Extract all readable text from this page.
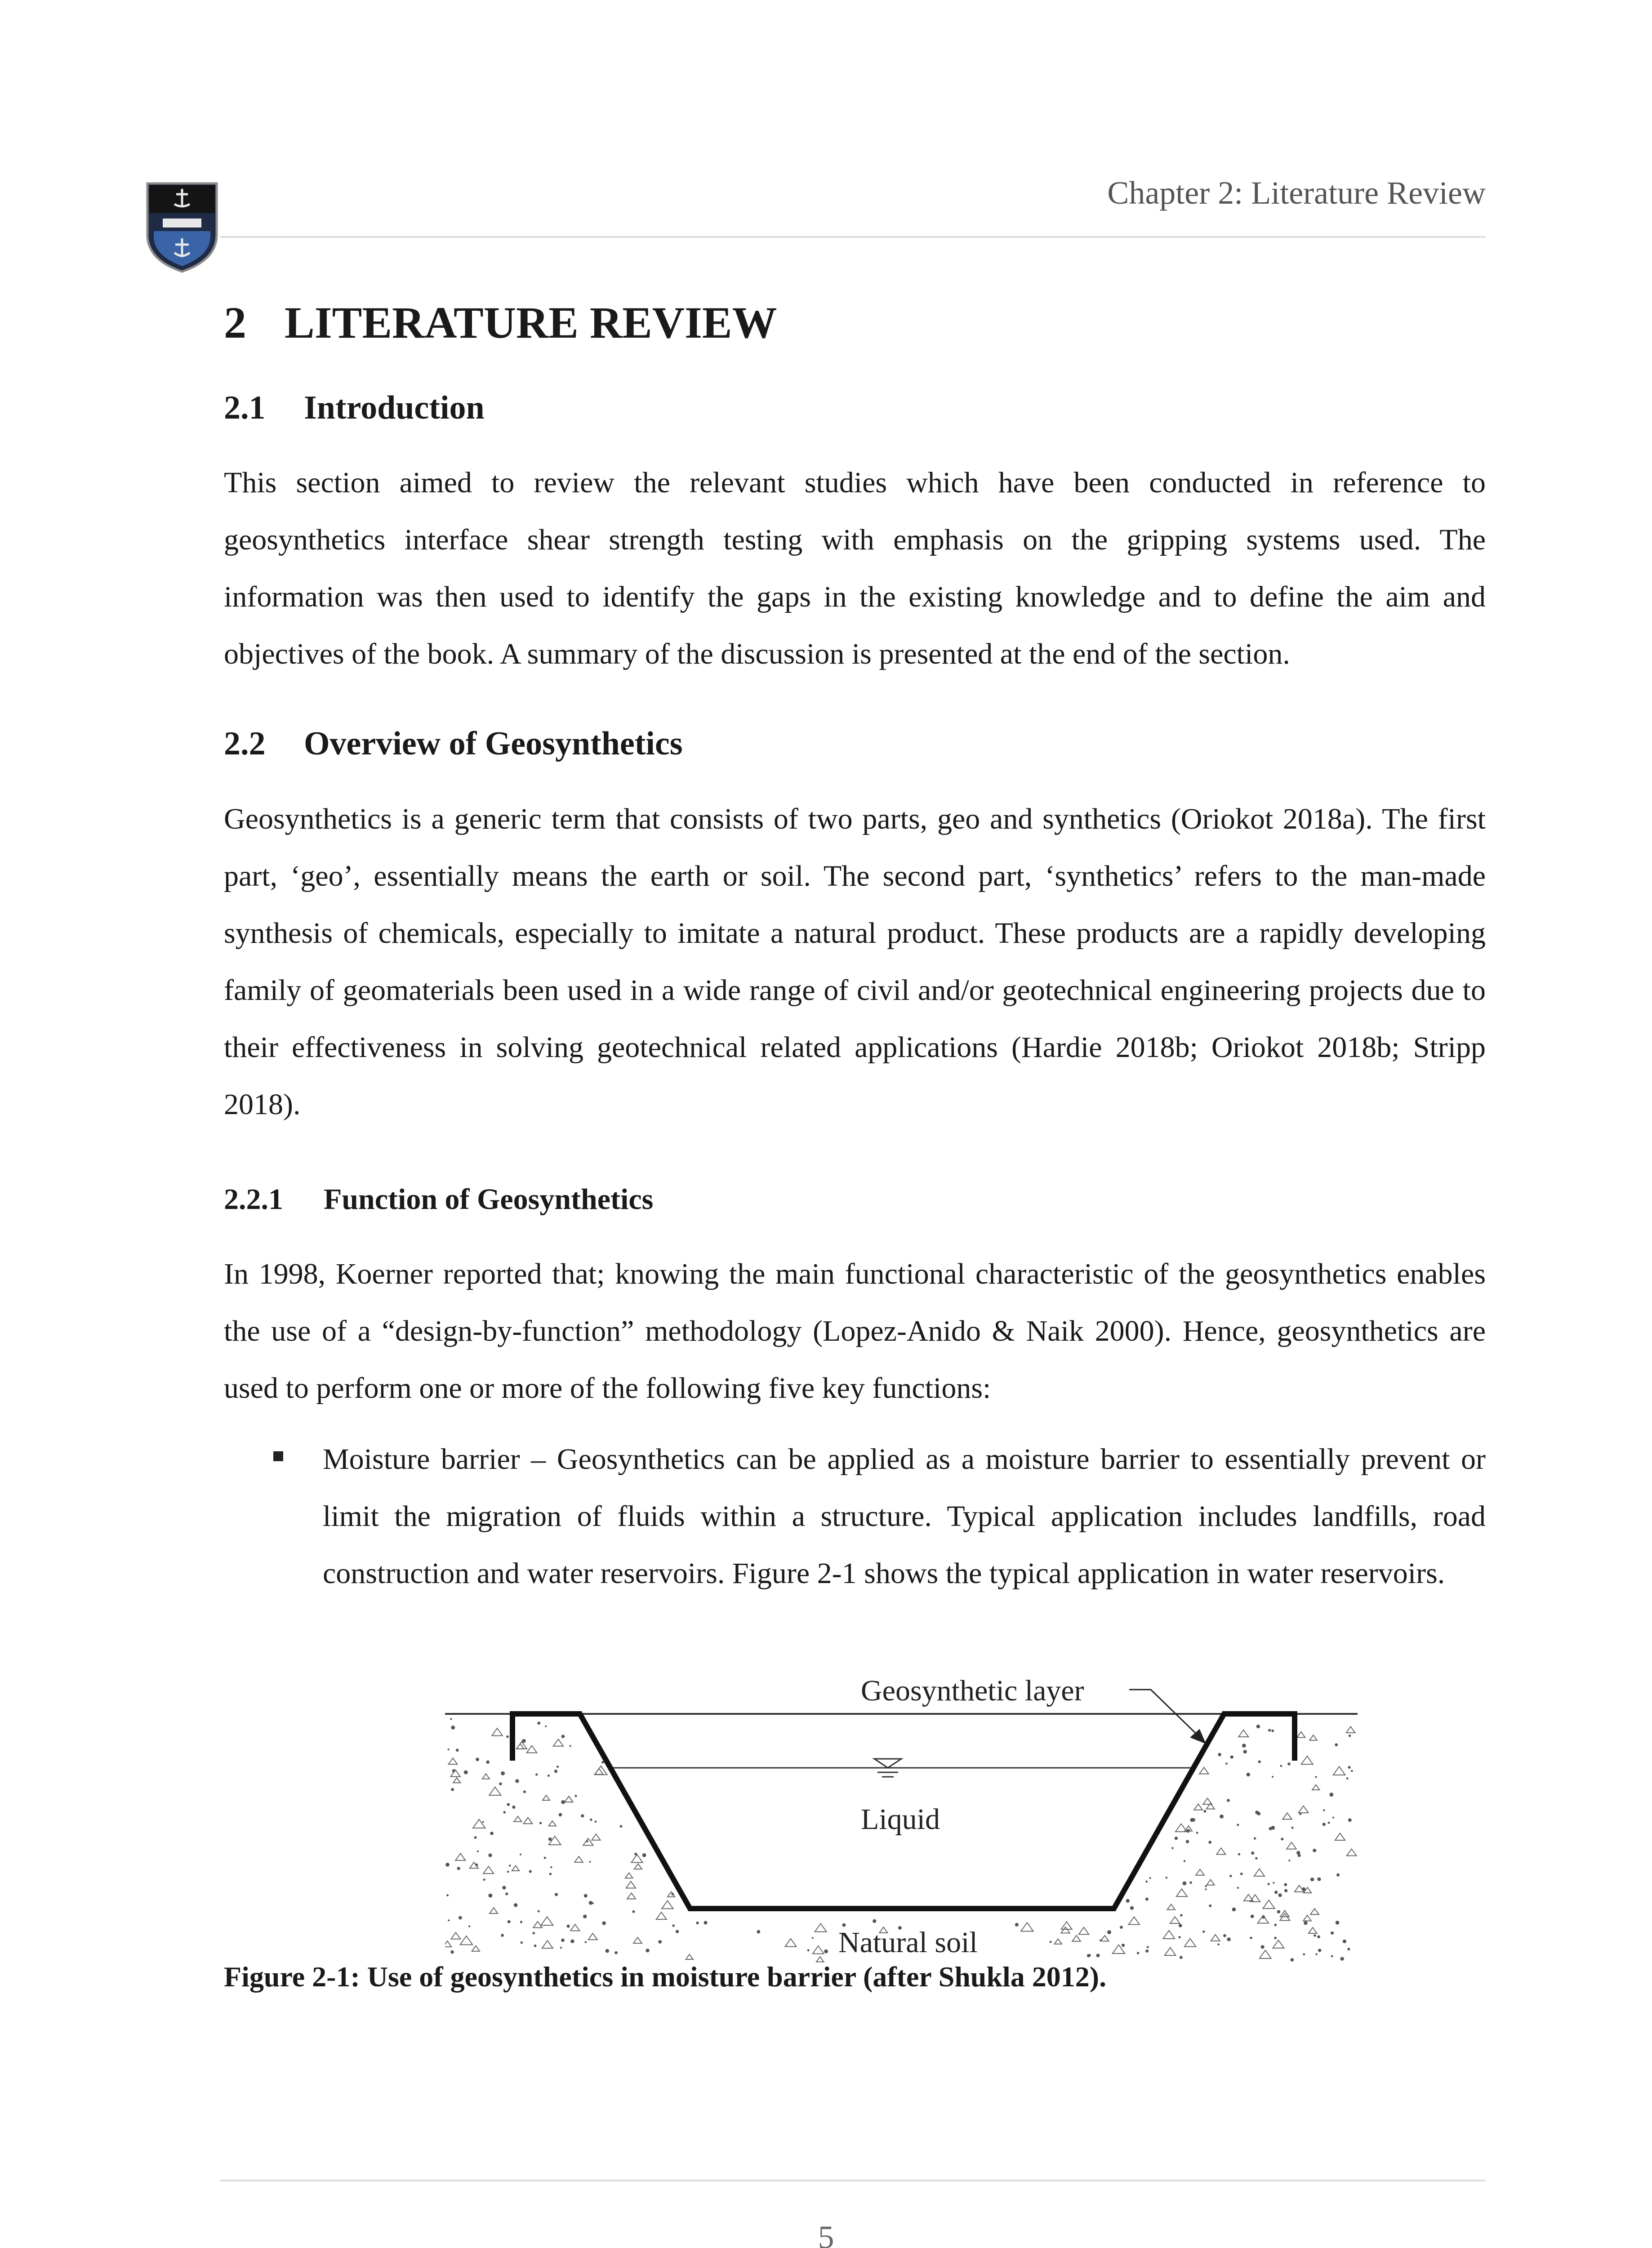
Chapter 2: Literature Review
2 LITERATURE REVIEW
2.1 Introduction
This section aimed to review the relevant studies which have been conducted in reference to geosynthetics interface shear strength testing with emphasis on the gripping systems used. The information was then used to identify the gaps in the existing knowledge and to define the aim and objectives of the book. A summary of the discussion is presented at the end of the section.
2.2 Overview of Geosynthetics
Geosynthetics is a generic term that consists of two parts, geo and synthetics (Oriokot 2018a). The first part, ‘geo’, essentially means the earth or soil. The second part, ‘synthetics’ refers to the man-made synthesis of chemicals, especially to imitate a natural product. These products are a rapidly developing family of geomaterials been used in a wide range of civil and/or geotechnical engineering projects due to their effectiveness in solving geotechnical related applications (Hardie 2018b; Oriokot 2018b; Stripp 2018).
2.2.1 Function of Geosynthetics
In 1998, Koerner reported that; knowing the main functional characteristic of the geosynthetics enables the use of a “design-by-function” methodology (Lopez-Anido & Naik 2000). Hence, geosynthetics are used to perform one or more of the following five key functions:
Moisture barrier – Geosynthetics can be applied as a moisture barrier to essentially prevent or limit the migration of fluids within a structure. Typical application includes landfills, road construction and water reservoirs. Figure 2-1 shows the typical application in water reservoirs.
Geosynthetic layer
Liquid
Natural soil
Figure 2-1: Use of geosynthetics in moisture barrier (after Shukla 2012).
5
